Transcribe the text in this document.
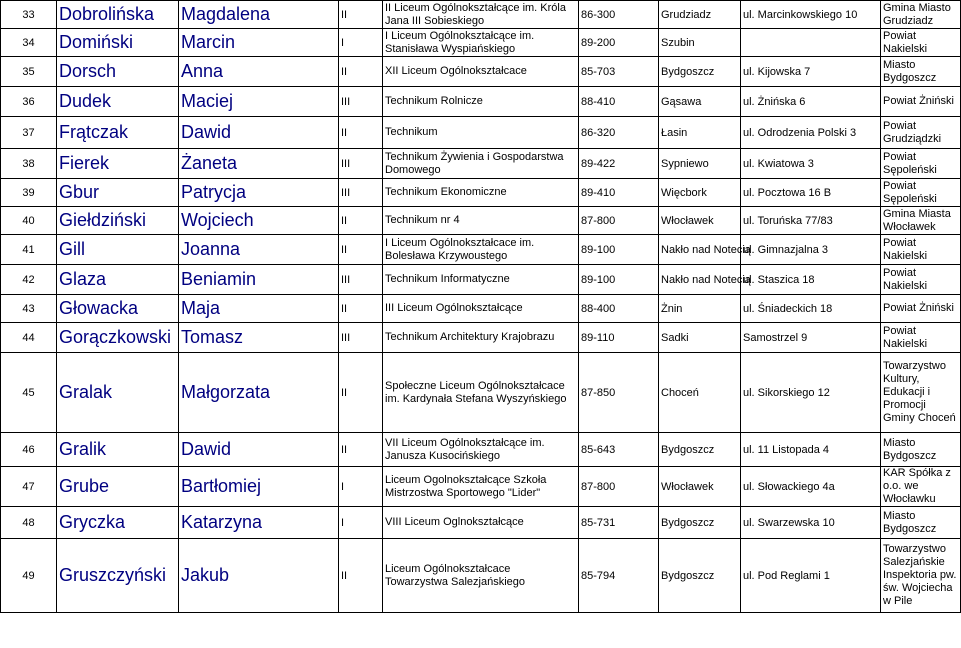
33	Dobrolińska	Magdalena	II	II Liceum Ogólnokształcące im. Króla Jana III Sobieskiego	86-300	Grudziadz	ul. Marcinkowskiego 10	Gmina Miasto Grudziadz
34	Domiński	Marcin	I	I Liceum Ogólnokształcące im. Stanisława Wyspiańskiego	89-200	Szubin		Powiat Nakielski
35	Dorsch	Anna	II	XII Liceum Ogólnokształcace	85-703	Bydgoszcz	ul. Kijowska 7	Miasto Bydgoszcz
36	Dudek	Maciej	III	Technikum Rolnicze	88-410	Gąsawa	ul. Żnińska 6	Powiat Żniński
37	Frątczak	Dawid	II	Technikum	86-320	Łasin	ul. Odrodzenia Polski 3	Powiat Grudziądzki
38	Fierek	Żaneta	III	Technikum Żywienia i Gospodarstwa Domowego	89-422	Sypniewo	ul. Kwiatowa 3	Powiat Sępoleński
39	Gbur	Patrycja	III	Technikum Ekonomiczne	89-410	Więcbork	ul. Pocztowa 16 B	Powiat Sępoleński
40	Giełdziński	Wojciech	II	Technikum nr 4	87-800	Włocławek	ul. Toruńska 77/83	Gmina Miasta Włocławek
41	Gill	Joanna	II	I Liceum Ogólnokształcace im. Bolesława Krzywoustego	89-100	Nakło nad Notecią	ul. Gimnazjalna 3	Powiat Nakielski
42	Glaza	Beniamin	III	Technikum Informatyczne	89-100	Nakło nad Notecią	ul. Staszica 18	Powiat Nakielski
43	Głowacka	Maja	II	III Liceum Ogólnokształcące	88-400	Żnin	ul. Śniadeckich 18	Powiat Żniński
44	Gorączkowski	Tomasz	III	Technikum Architektury Krajobrazu	89-110	Sadki	Samostrzel 9	Powiat Nakielski
45	Gralak	Małgorzata	II	Społeczne Liceum Ogólnokształcace im. Kardynała Stefana Wyszyńskiego	87-850	Choceń	ul. Sikorskiego 12	Towarzystwo Kultury, Edukacji i Promocji Gminy Choceń
46	Gralik	Dawid	II	VII Liceum Ogólnokształcące im. Janusza Kusocińskiego	85-643	Bydgoszcz	ul. 11 Listopada 4	Miasto Bydgoszcz
47	Grube	Bartłomiej	I	Liceum Ogolnokształcące Szkoła Mistrzostwa Sportowego "Lider"	87-800	Włocławek	ul. Słowackiego 4a	KAR Spółka z o.o. we Włocławku
48	Gryczka	Katarzyna	I	VIII Liceum Oglnokształcące	85-731	Bydgoszcz	ul. Swarzewska 10	Miasto Bydgoszcz
49	Gruszczyński	Jakub	II	Liceum Ogólnokształcace Towarzystwa Salezjańskiego	85-794	Bydgoszcz	ul. Pod Reglami 1	Towarzystwo Salezjańskie Inspektoria pw. św. Wojciecha w Pile
